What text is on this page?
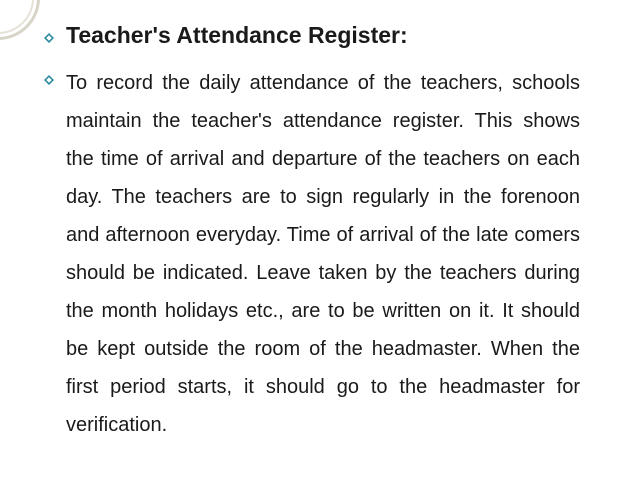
Teacher's Attendance Register:
To record the daily attendance of the teachers, schools maintain the teacher's attendance register. This shows the time of arrival and departure of the teachers on each day. The teachers are to sign regularly in the forenoon and afternoon everyday. Time of arrival of the late comers should be indicated. Leave taken by the teachers during the month holidays etc., are to be written on it. It should be kept outside the room of the headmaster. When the first period starts, it should go to the headmaster for verification.
